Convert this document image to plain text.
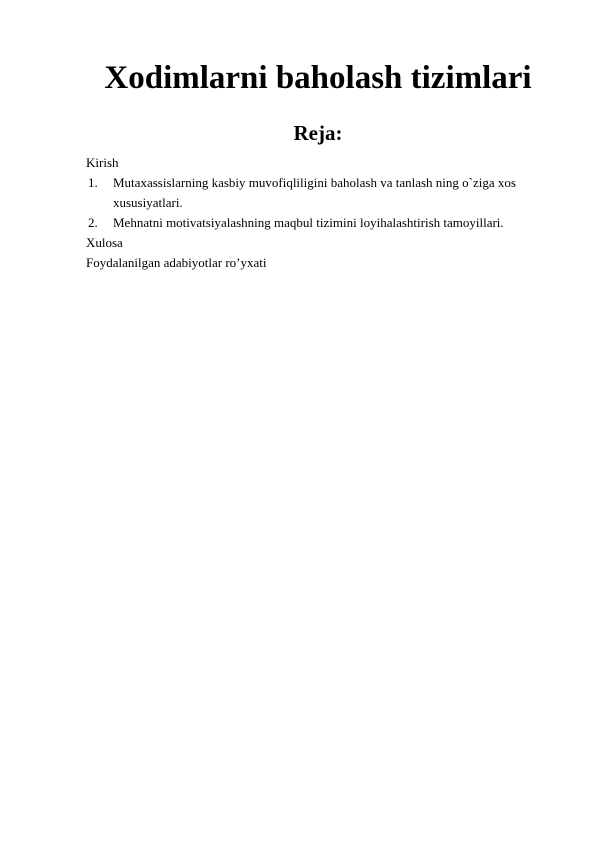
Xodimlarni baholash tizimlari
Reja:
Kirish
1. Mutaxassislarning kasbiy muvofiqliligini baholash va tanlash ning o`ziga xos xususiyatlari.
2. Mehnatni motivatsiyalashning maqbul tizimini loyihalashtirish tamoyillari.
Xulosa
Foydalanilgan adabiyotlar ro’yxati
